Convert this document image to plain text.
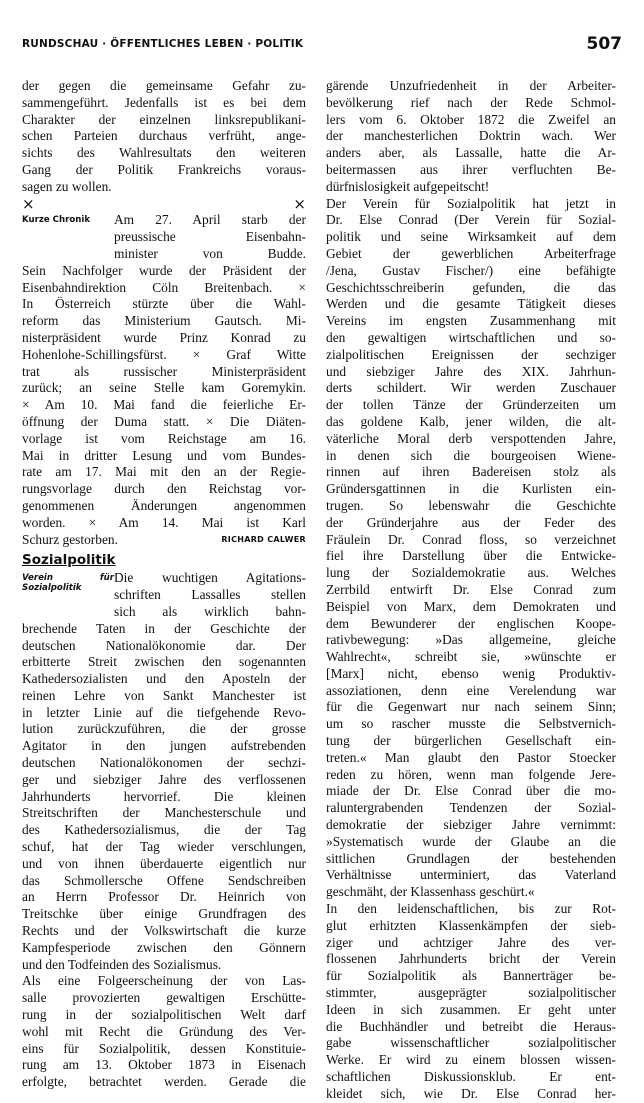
RUNDSCHAU · ÖFFENTLICHES LEBEN · POLITIK	507
der gegen die gemeinsame Gefahr zu-
sammengeführt. Jedenfalls ist es bei dem
Charakter der einzelnen linksrepublikani-
schen Parteien durchaus verfrüht, ange-
sichts des Wahlresultats den weiteren
Gang der Politik Frankreichs voraus-
sagen zu wollen.
×	×
Kurze Chronik	Am 27. April starb der
preussische Eisenbahn-
minister von Budde.
Sein Nachfolger wurde der Präsident der
Eisenbahndirektion Cöln Breitenbach. ×
In Österreich stürzte über die Wahl-
reform das Ministerium Gautsch. Mi-
nisterpräsident wurde Prinz Konrad zu
Hohenlohe-Schillingsfürst. × Graf Witte
trat als russischer Ministerpräsident
zurück; an seine Stelle kam Goremykin.
× Am 10. Mai fand die feierliche Er-
öffnung der Duma statt. × Die Diäten-
vorlage ist vom Reichstage am 16.
Mai in dritter Lesung und vom Bundes-
rate am 17. Mai mit den an der Regie-
rungsvorlage durch den Reichstag vor-
genommenen Änderungen angenommen
worden. × Am 14. Mai ist Karl
Schurz gestorben.	RICHARD CALWER
Sozialpolitik
Verein für Sozialpolitik
Die wuchtigen Agitations-
schriften Lassalles stellen
sich als wirklich bahn-
brechende Taten in der Geschichte der
deutschen Nationalökonomie dar. Der
erbitterte Streit zwischen den sogenannten
Kathedersozialisten und den Aposteln der
reinen Lehre von Sankt Manchester ist
in letzter Linie auf die tiefgehende Revo-
lution zurückzuführen, die der grosse
Agitator in den jungen aufstrebenden
deutschen Nationalökonomen der sechzi-
ger und siebziger Jahre des verflossenen
Jahrhunderts hervorrief. Die kleinen
Streitschriften der Manchesterschule und
des Kathedersozialismus, die der Tag
schuf, hat der Tag wieder verschlungen,
und von ihnen überdauerte eigentlich nur
das Schmollersche Offene Sendschreiben
an Herrn Professor Dr. Heinrich von
Treitschke über einige Grundfragen des
Rechts und der Volkswirtschaft die kurze
Kampfesperiode zwischen den Gönnern
und den Todfeinden des Sozialismus.
Als eine Folgeerscheinung der von Las-
salle provozierten gewaltigen Erschütte-
rung in der sozialpolitischen Welt darf
wohl mit Recht die Gründung des Ver-
eins für Sozialpolitik, dessen Konstituie-
rung am 13. Oktober 1873 in Eisenach
erfolgte, betrachtet werden. Gerade die
gärende Unzufriedenheit in der Arbeiter-
bevölkerung rief nach der Rede Schmol-
lers vom 6. Oktober 1872 die Zweifel an
der manchesterlichen Doktrin wach. Wer
anders aber, als Lassalle, hatte die Ar-
beitermassen aus ihrer verfluchten Be-
dürfnislosigkeit aufgepeitscht!
Der Verein für Sozialpolitik hat jetzt in
Dr. Else Conrad (Der Verein für Sozial-
politik und seine Wirksamkeit auf dem
Gebiet der gewerblichen Arbeiterfrage
/Jena, Gustav Fischer/) eine befähigte
Geschichtsschreiberin gefunden, die das
Werden und die gesamte Tätigkeit dieses
Vereins im engsten Zusammenhang mit
den gewaltigen wirtschaftlichen und so-
zialpolitischen Ereignissen der sechziger
und siebziger Jahre des XIX. Jahrhun-
derts schildert. Wir werden Zuschauer
der tollen Tänze der Gründerzeiten um
das goldene Kalb, jener wilden, die alt-
väterliche Moral derb verspottenden Jahre,
in denen sich die bourgeoisen Wiene-
rinnen auf ihren Badereisen stolz als
Gründersgattinnen in die Kurlisten ein-
trugen. So lebenswahr die Geschichte
der Gründerjahre aus der Feder des
Fräulein Dr. Conrad floss, so verzeichnet
fiel ihre Darstellung über die Entwicke-
lung der Sozialdemokratie aus. Welches
Zerrbild entwirft Dr. Else Conrad zum
Beispiel von Marx, dem Demokraten und
dem Bewunderer der englischen Koope-
rativbewegung: »Das allgemeine, gleiche
Wahlrecht«, schreibt sie, »wünschte er
[Marx] nicht, ebenso wenig Produktiv-
assoziationen, denn eine Verelendung war
für die Gegenwart nur nach seinem Sinn;
um so rascher musste die Selbstvernich-
tung der bürgerlichen Gesellschaft ein-
treten.« Man glaubt den Pastor Stoecker
reden zu hören, wenn man folgende Jere-
miade der Dr. Else Conrad über die mo-
raluntergrabenden Tendenzen der Sozial-
demokratie der siebziger Jahre vernimmt:
»Systematisch wurde der Glaube an die
sittlichen Grundlagen der bestehenden
Verhältnisse unterminiert, das Vaterland
geschmäht, der Klassenhass geschürt.«
In den leidenschaftlichen, bis zur Rot-
glut erhitzten Klassenkämpfen der sieb-
ziger und achtziger Jahre des ver-
flossenen Jahrhunderts bricht der Verein
für Sozialpolitik als Bannerträger be-
stimmter, ausgeprägter sozialpolitischer
Ideen in sich zusammen. Er geht unter
die Buchhändler und betreibt die Heraus-
gabe wissenschaftlicher sozialpolitischer
Werke. Er wird zu einem blossen wissen-
schaftlichen Diskussionsklub. Er ent-
kleidet sich, wie Dr. Else Conrad her-
